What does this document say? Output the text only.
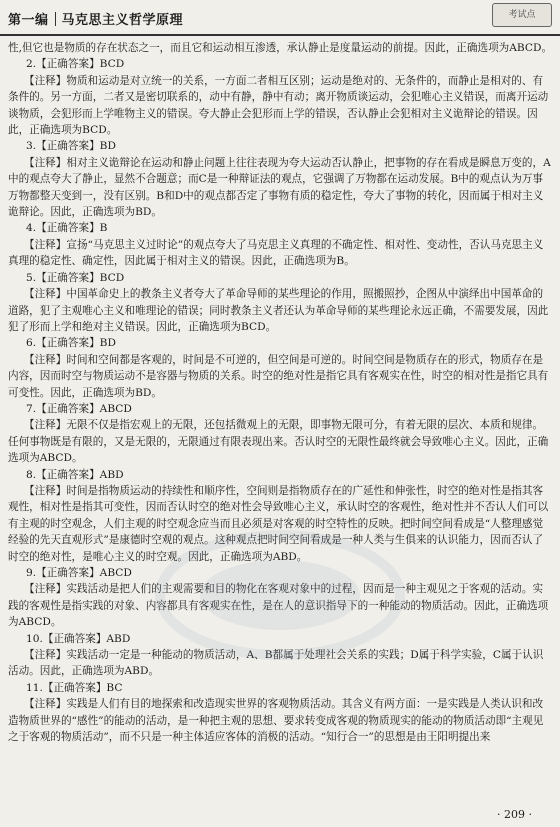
第一编 马克思主义哲学原理	考试点

性,但它也是物质的存在状态之一，而且它和运动相互渗透，承认静止是度量运动的前提。因此，正确选项为ABCD。

2.【正确答案】BCD

【注释】物质和运动是对立统一的关系，一方面二者相互区别；运动是绝对的、无条件的，而静止是相对的、有条件的。另一方面，二者又是密切联系的，动中有静，静中有动；离开物质谈运动，会犯唯心主义错误，而离开运动谈物质，会犯形而上学唯物主义的错误。夸大静止会犯形而上学的错误，否认静止会犯相对主义诡辩论的错误。因此，正确选项为BCD。

3.【正确答案】BD

【注释】相对主义诡辩论在运动和静止问题上往往表现为夸大运动否认静止，把事物的存在看成是瞬息万变的，A中的观点夸大了静止，显然不合题意；而C是一种辩证法的观点，它强调了万物都在运动发展。B中的观点认为万事万物都整天变到一，没有区别。B和D中的观点都否定了事物有质的稳定性，夸大了事物的转化，因而属于相对主义诡辩论。因此，正确选项为BD。

4.【正确答案】B

【注释】宣扬“马克思主义过时论”的观点夸大了马克思主义真理的不确定性、相对性、变动性，否认马克思主义真理的稳定性、确定性，因此属于相对主义的错误。因此，正确选项为B。

5.【正确答案】BCD

【注释】中国革命史上的教条主义者夸大了革命导师的某些理论的作用，照搬照抄，企图从中演绎出中国革命的道路，犯了主观唯心主义和唯理论的错误；同时教条主义者还认为革命导师的某些理论永远正确，不需要发展，因此犯了形而上学和绝对主义错误。因此，正确选项为BCD。

6.【正确答案】BD

【注释】时间和空间都是客观的，时间是不可逆的，但空间是可逆的。时间空间是物质存在的形式，物质存在是内容，因而时空与物质运动不是容器与物质的关系。时空的绝对性是指它具有客观实在性，时空的相对性是指它具有可变性。因此，正确选项为BD。

7.【正确答案】ABCD

【注释】无限不仅是指宏观上的无限，还包括微观上的无限，即事物无限可分，有着无限的层次、本质和规律。任何事物既是有限的，又是无限的，无限通过有限表现出来。否认时空的无限性最终就会导致唯心主义。因此，正确选项为ABCD。

8.【正确答案】ABD

【注释】时间是指物质运动的持续性和顺序性，空间则是指物质存在的广延性和伸张性，时空的绝对性是指其客观性，相对性是指其可变性，因而否认时空的绝对性会导致唯心主义，承认时空的客观性，绝对性并不否认人们可以有主观的时空观念，人们主观的时空观念应当而且必须是对客观的时空特性的反映。把时间空间看成是“人整理感觉经验的先天直观形式”是康德时空观的观点。这种观点把时间空间看成是一种人类与生俱来的认识能力，因而否认了时空的绝对性，是唯心主义的时空观。因此，正确选项为ABD。

9.【正确答案】ABCD

【注释】实践活动是把人们的主观需要和目的物化在客观对象中的过程，因而是一种主观见之于客观的活动。实践的客观性是指实践的对象、内容都具有客观实在性，是在人的意识指导下的一种能动的物质活动。因此，正确选项为ABCD。

10.【正确答案】ABD

【注释】实践活动一定是一种能动的物质活动，A、B都属于处理社会关系的实践；D属于科学实验，C属于认识活动。因此，正确选项为ABD。

11.【正确答案】BC

【注释】实践是人们有目的地探索和改造现实世界的客观物质活动。其含义有两方面：一是实践是人类认识和改造物质世界的“感性”的能动的活动，是一种把主观的思想、要求转变成客观的物质现实的能动的物质活动即“主观见之于客观的物质活动”，而不只是一种主体适应客体的消极的活动。“知行合一”的思想是由王阳明提出来

· 209 ·
